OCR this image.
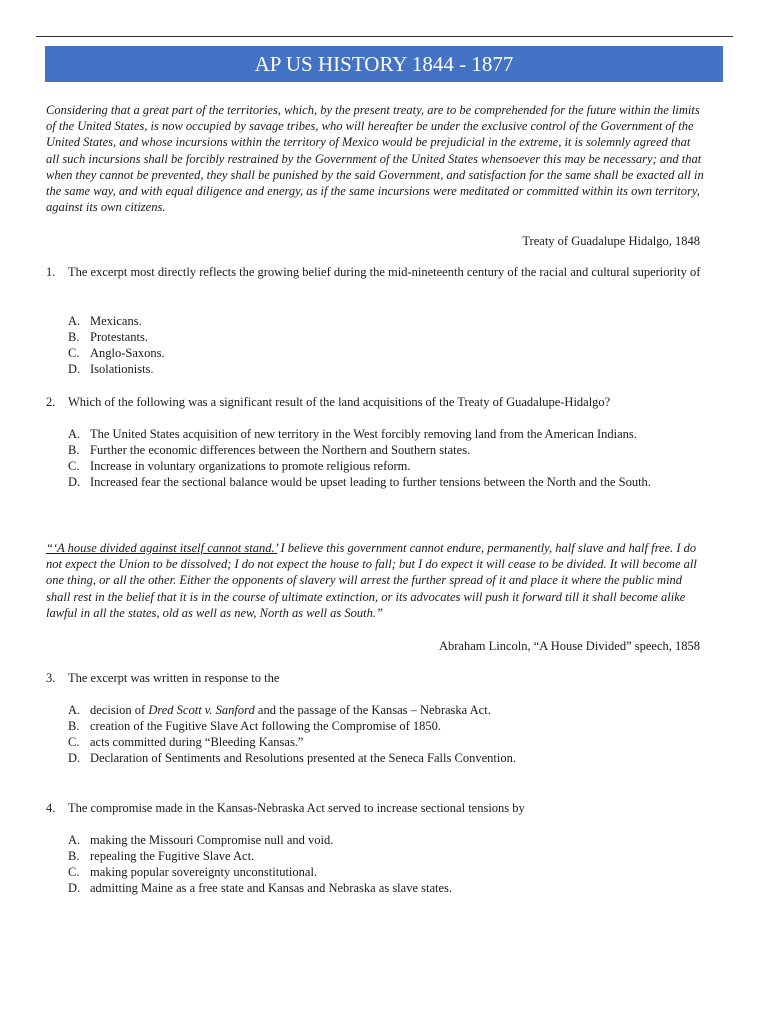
AP US HISTORY 1844 - 1877

Considering that a great part of the territories, which, by the present treaty, are to be comprehended for the future within the limits of the United States, is now occupied by savage tribes, who will hereafter be under the exclusive control of the Government of the United States, and whose incursions within the territory of Mexico would be prejudicial in the extreme, it is solemnly agreed that all such incursions shall be forcibly restrained by the Government of the United States whensoever this may be necessary; and that when they cannot be prevented, they shall be punished by the said Government, and satisfaction for the same shall be exacted all in the same way, and with equal diligence and energy, as if the same incursions were meditated or committed within its own territory, against its own citizens.

Treaty of Guadalupe Hidalgo, 1848
1. The excerpt most directly reflects the growing belief during the mid-nineteenth century of the racial and cultural superiority of
A. Mexicans.
B. Protestants.
C. Anglo-Saxons.
D. Isolationists.
2. Which of the following was a significant result of the land acquisitions of the Treaty of Guadalupe-Hidalgo?
A. The United States acquisition of new territory in the West forcibly removing land from the American Indians.
B. Further the economic differences between the Northern and Southern states.
C. Increase in voluntary organizations to promote religious reform.
D. Increased fear the sectional balance would be upset leading to further tensions between the North and the South.

“‘A house divided against itself cannot stand.’ I believe this government cannot endure, permanently, half slave and half free. I do not expect the Union to be dissolved; I do not expect the house to fall; but I do expect it will cease to be divided. It will become all one thing, or all the other. Either the opponents of slavery will arrest the further spread of it and place it where the public mind shall rest in the belief that it is in the course of ultimate extinction, or its advocates will push it forward till it shall become alike lawful in all the states, old as well as new, North as well as South.”

Abraham Lincoln, “A House Divided” speech, 1858
3. The excerpt was written in response to the
A. decision of Dred Scott v. Sanford and the passage of the Kansas – Nebraska Act.
B. creation of the Fugitive Slave Act following the Compromise of 1850.
C. acts committed during “Bleeding Kansas.”
D. Declaration of Sentiments and Resolutions presented at the Seneca Falls Convention.
4. The compromise made in the Kansas-Nebraska Act served to increase sectional tensions by
A. making the Missouri Compromise null and void.
B. repealing the Fugitive Slave Act.
C. making popular sovereignty unconstitutional.
D. admitting Maine as a free state and Kansas and Nebraska as slave states.
